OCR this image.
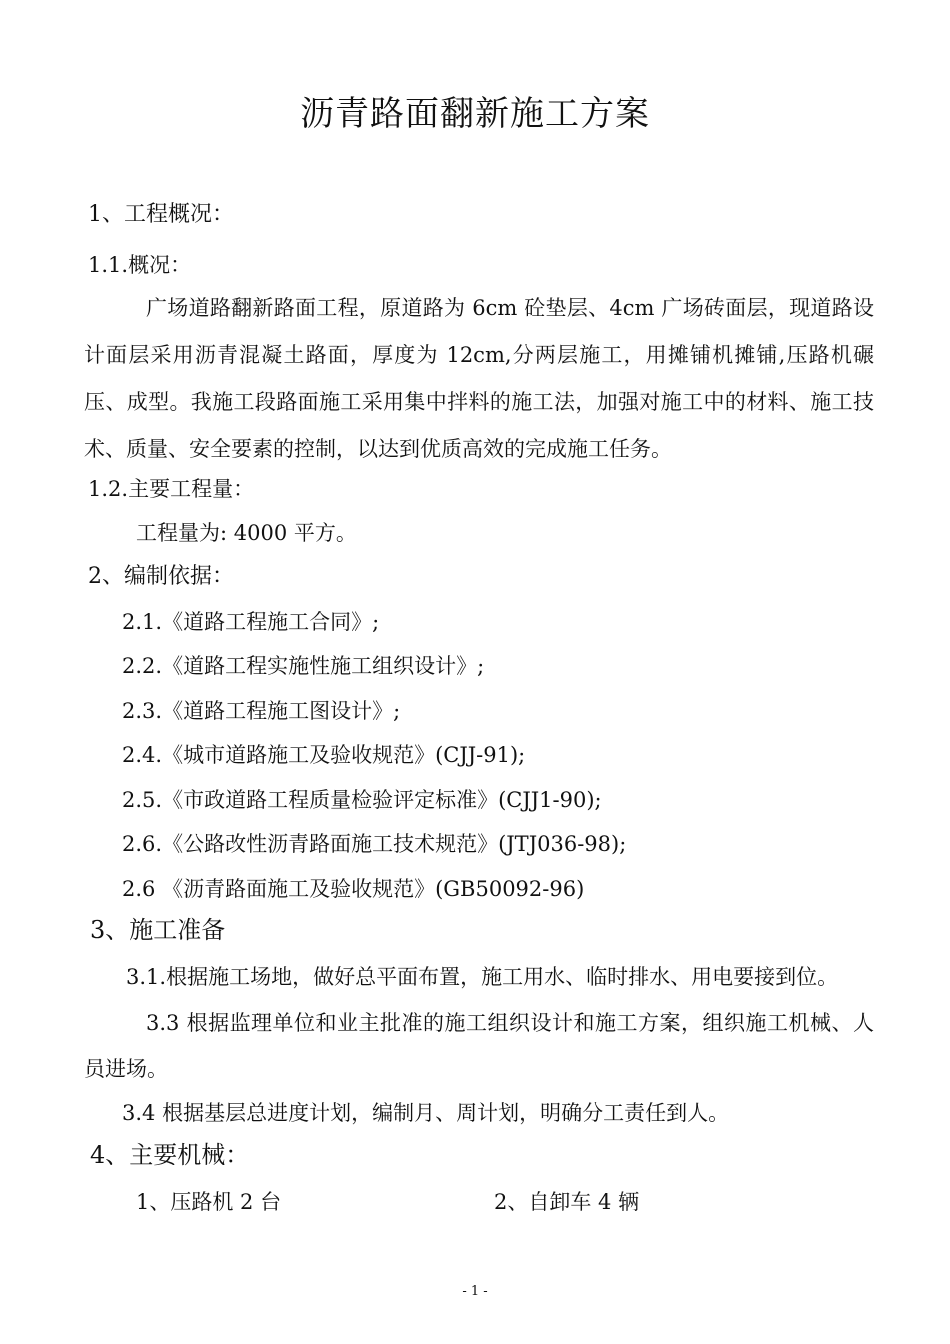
沥青路面翻新施工方案
1、工程概况：
1.1.概况：
广场道路翻新路面工程，原道路为 6cm 砼垫层、4cm 广场砖面层，现道路设计面层采用沥青混凝土路面，厚度为 12cm,分两层施工，用摊铺机摊铺,压路机碾压、成型。我施工段路面施工采用集中拌料的施工法，加强对施工中的材料、施工技术、质量、安全要素的控制，以达到优质高效的完成施工任务。
1.2.主要工程量：
工程量为: 4000 平方。
2、编制依据：
2.1.《道路工程施工合同》;
2.2.《道路工程实施性施工组织设计》;
2.3.《道路工程施工图设计》;
2.4.《城市道路施工及验收规范》(CJJ-91);
2.5.《市政道路工程质量检验评定标准》(CJJ1-90);
2.6.《公路改性沥青路面施工技术规范》(JTJ036-98);
2.6 《沥青路面施工及验收规范》(GB50092-96)
3、施工准备
3.1.根据施工场地，做好总平面布置，施工用水、临时排水、用电要接到位。
3.3 根据监理单位和业主批准的施工组织设计和施工方案，组织施工机械、人员进场。
3.4 根据基层总进度计划，编制月、周计划，明确分工责任到人。
4、主要机械：
1、压路机 2 台	2、自卸车 4 辆
- 1 -
